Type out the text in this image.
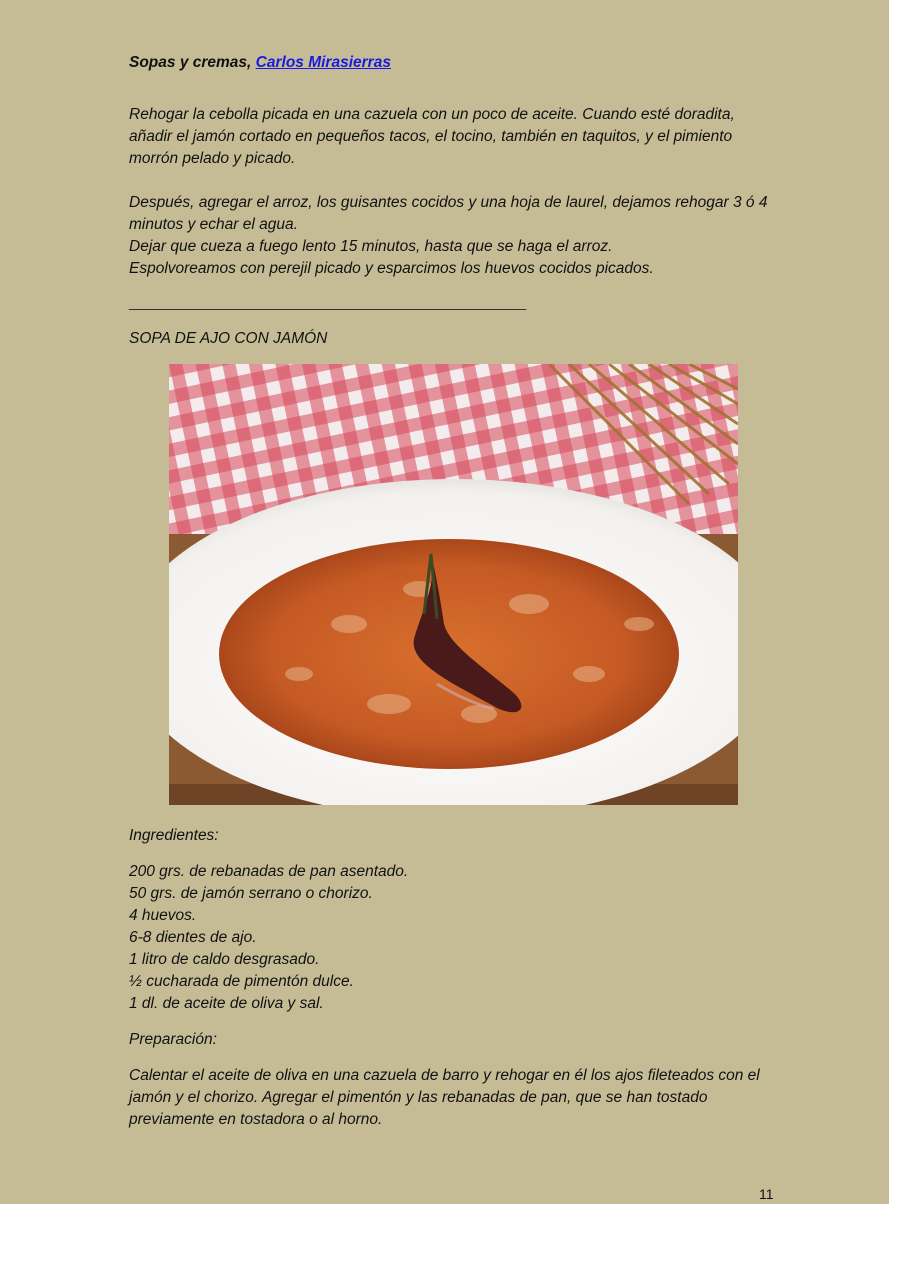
Sopas y cremas, Carlos Mirasierras

Rehogar la cebolla picada en una cazuela con un poco de aceite. Cuando esté doradita, añadir el jamón cortado en pequeños tacos, el tocino, también en taquitos, y el pimiento morrón pelado y picado.

Después, agregar el arroz, los guisantes cocidos y una hoja de laurel, dejamos rehogar 3 ó 4 minutos y echar el agua.
Dejar que cueza a fuego lento 15 minutos, hasta que se haga el arroz.
Espolvoreamos con perejil picado y esparcimos los huevos cocidos picados.

___________________________________________________
SOPA DE AJO CON JAMÓN

Ingredientes:

200 grs. de rebanadas de pan asentado.
50 grs. de jamón serrano o chorizo.
4 huevos.
6-8 dientes de ajo.
1 litro de caldo desgrasado.
½ cucharada de pimentón dulce.
1 dl. de aceite de oliva y sal.

Preparación:

Calentar el aceite de oliva en una cazuela de barro y rehogar en él los ajos fileteados con el jamón y el chorizo. Agregar el pimentón y las rebanadas de pan, que se han tostado previamente en tostadora o al horno.

11
